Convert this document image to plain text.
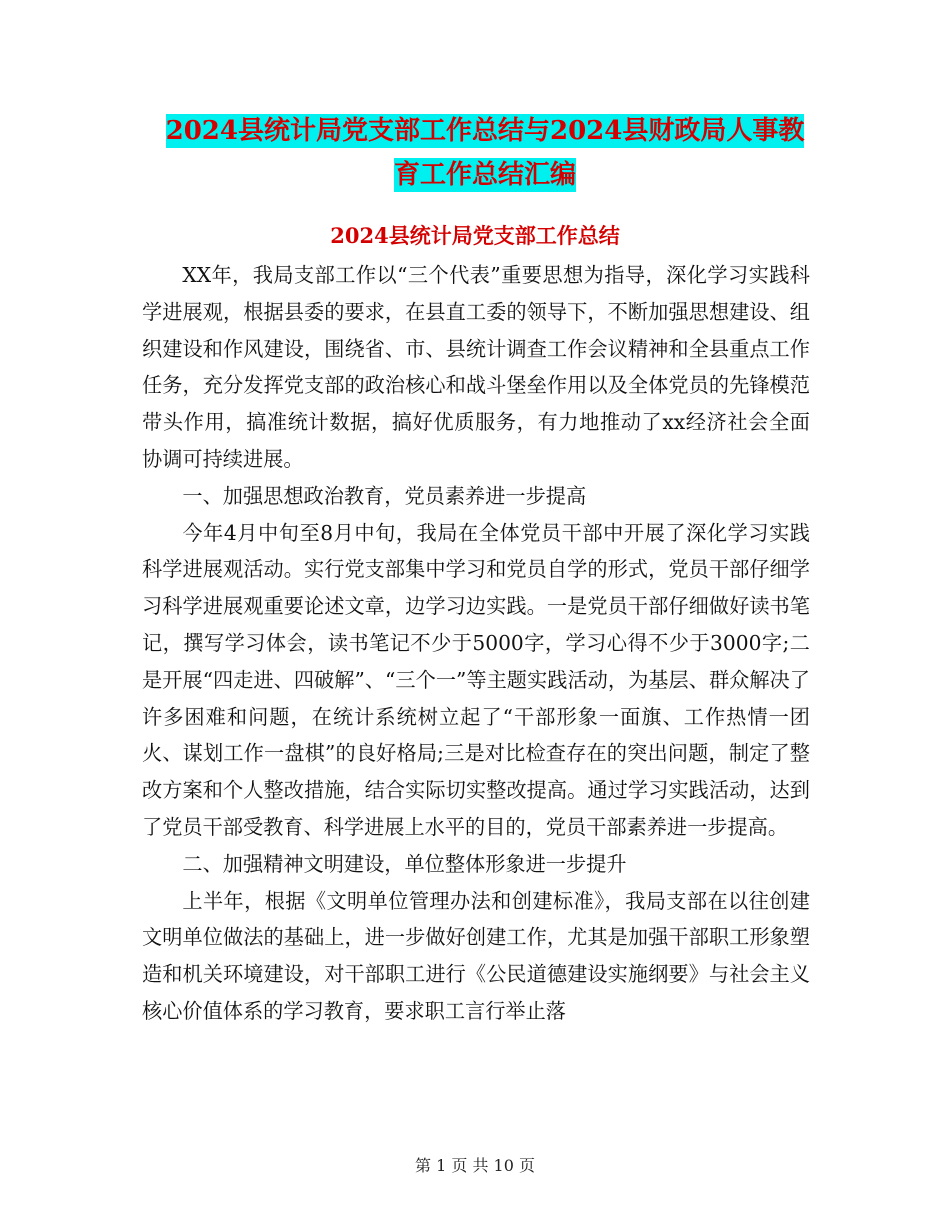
2024县统计局党支部工作总结与2024县财政局人事教
育工作总结汇编
2024县统计局党支部工作总结

XX年，我局支部工作以“三个代表”重要思想为指导，深化学习实践科学进展观，根据县委的要求，在县直工委的领导下，不断加强思想建设、组织建设和作风建设，围绕省、市、县统计调查工作会议精神和全县重点工作任务，充分发挥党支部的政治核心和战斗堡垒作用以及全体党员的先锋模范带头作用，搞准统计数据，搞好优质服务，有力地推动了xx经济社会全面协调可持续进展。

一、加强思想政治教育，党员素养进一步提高

今年4月中旬至8月中旬，我局在全体党员干部中开展了深化学习实践科学进展观活动。实行党支部集中学习和党员自学的形式，党员干部仔细学习科学进展观重要论述文章，边学习边实践。一是党员干部仔细做好读书笔记，撰写学习体会，读书笔记不少于5000字，学习心得不少于3000字;二是开展“四走进、四破解”、“三个一”等主题实践活动，为基层、群众解决了许多困难和问题，在统计系统树立起了“干部形象一面旗、工作热情一团火、谋划工作一盘棋”的良好格局;三是对比检查存在的突出问题，制定了整改方案和个人整改措施，结合实际切实整改提高。通过学习实践活动，达到了党员干部受教育、科学进展上水平的目的，党员干部素养进一步提高。

二、加强精神文明建设，单位整体形象进一步提升

上半年，根据《文明单位管理办法和创建标准》，我局支部在以往创建文明单位做法的基础上，进一步做好创建工作，尤其是加强干部职工形象塑造和机关环境建设，对干部职工进行《公民道德建设实施纲要》与社会主义核心价值体系的学习教育，要求职工言行举止落

第 1 页 共 10 页
